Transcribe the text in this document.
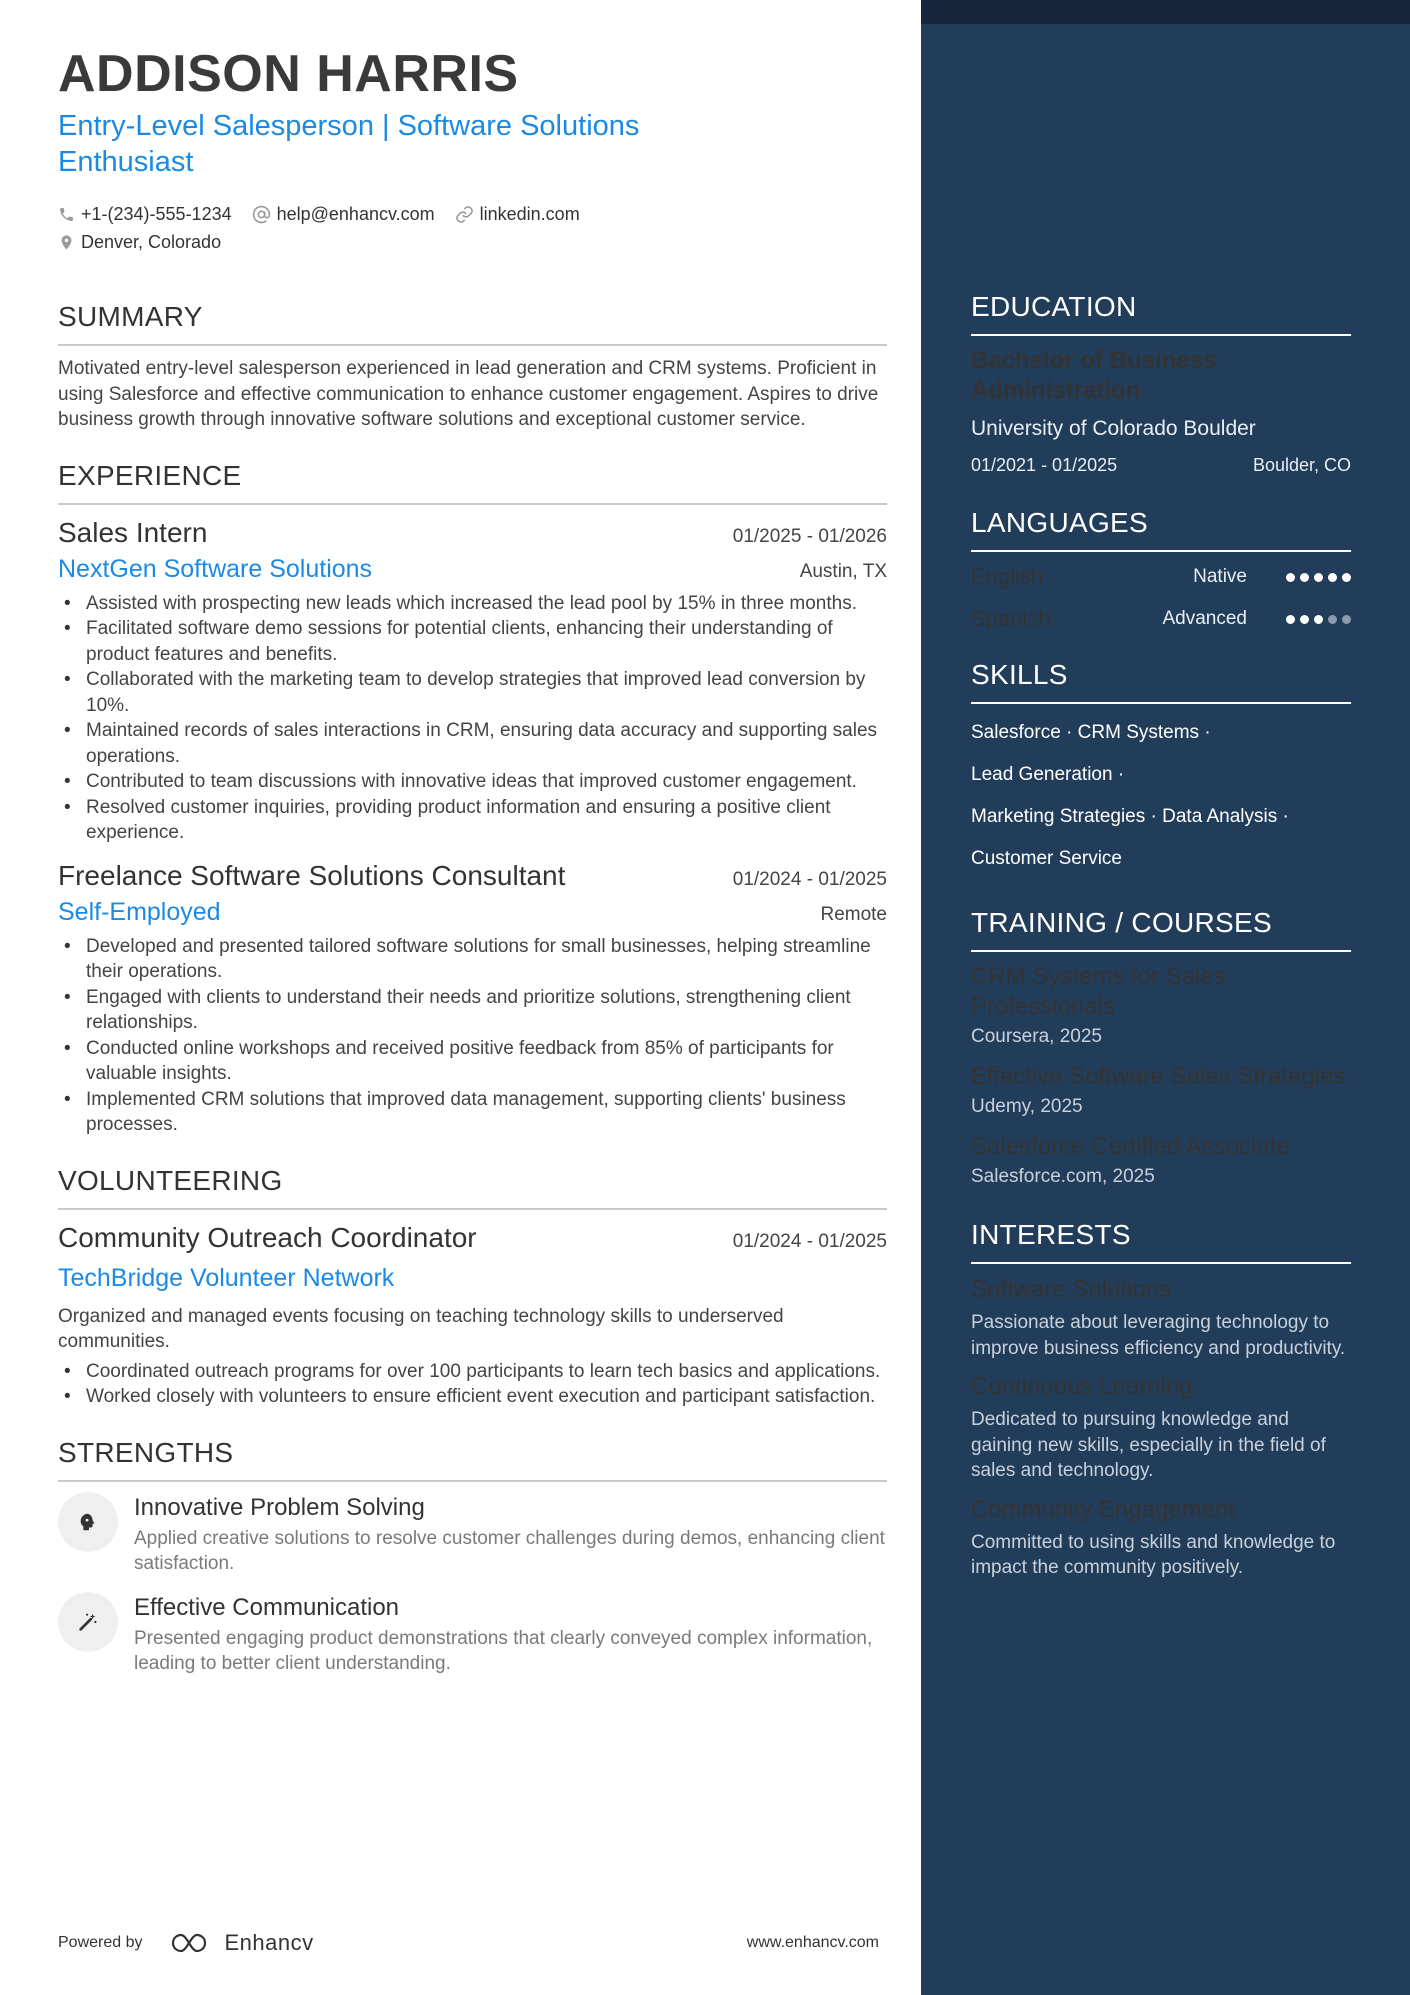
ADDISON HARRIS
Entry-Level Salesperson | Software Solutions Enthusiast
+1-(234)-555-1234	help@enhancv.com	linkedin.com
Denver, Colorado
SUMMARY
Motivated entry-level salesperson experienced in lead generation and CRM systems. Proficient in using Salesforce and effective communication to enhance customer engagement. Aspires to drive business growth through innovative software solutions and exceptional customer service.
EXPERIENCE
Sales Intern	01/2025 - 01/2026
NextGen Software Solutions	Austin, TX
• Assisted with prospecting new leads which increased the lead pool by 15% in three months.
• Facilitated software demo sessions for potential clients, enhancing their understanding of product features and benefits.
• Collaborated with the marketing team to develop strategies that improved lead conversion by 10%.
• Maintained records of sales interactions in CRM, ensuring data accuracy and supporting sales operations.
• Contributed to team discussions with innovative ideas that improved customer engagement.
• Resolved customer inquiries, providing product information and ensuring a positive client experience.
Freelance Software Solutions Consultant	01/2024 - 01/2025
Self-Employed	Remote
• Developed and presented tailored software solutions for small businesses, helping streamline their operations.
• Engaged with clients to understand their needs and prioritize solutions, strengthening client relationships.
• Conducted online workshops and received positive feedback from 85% of participants for valuable insights.
• Implemented CRM solutions that improved data management, supporting clients' business processes.
VOLUNTEERING
Community Outreach Coordinator	01/2024 - 01/2025
TechBridge Volunteer Network
Organized and managed events focusing on teaching technology skills to underserved communities.
• Coordinated outreach programs for over 100 participants to learn tech basics and applications.
• Worked closely with volunteers to ensure efficient event execution and participant satisfaction.
STRENGTHS
Innovative Problem Solving
Applied creative solutions to resolve customer challenges during demos, enhancing client satisfaction.
Effective Communication
Presented engaging product demonstrations that clearly conveyed complex information, leading to better client understanding.
Powered by	Enhancv	www.enhancv.com
EDUCATION
Bachelor of Business Administration
University of Colorado Boulder
01/2021 - 01/2025	Boulder, CO
LANGUAGES
English	Native
Spanish	Advanced
SKILLS
Salesforce · CRM Systems ·
Lead Generation ·
Marketing Strategies · Data Analysis ·
Customer Service
TRAINING / COURSES
CRM Systems for Sales Professionals
Coursera, 2025
Effective Software Sales Strategies
Udemy, 2025
Salesforce Certified Associate
Salesforce.com, 2025
INTERESTS
Software Solutions
Passionate about leveraging technology to improve business efficiency and productivity.
Continuous Learning
Dedicated to pursuing knowledge and gaining new skills, especially in the field of sales and technology.
Community Engagement
Committed to using skills and knowledge to impact the community positively.
